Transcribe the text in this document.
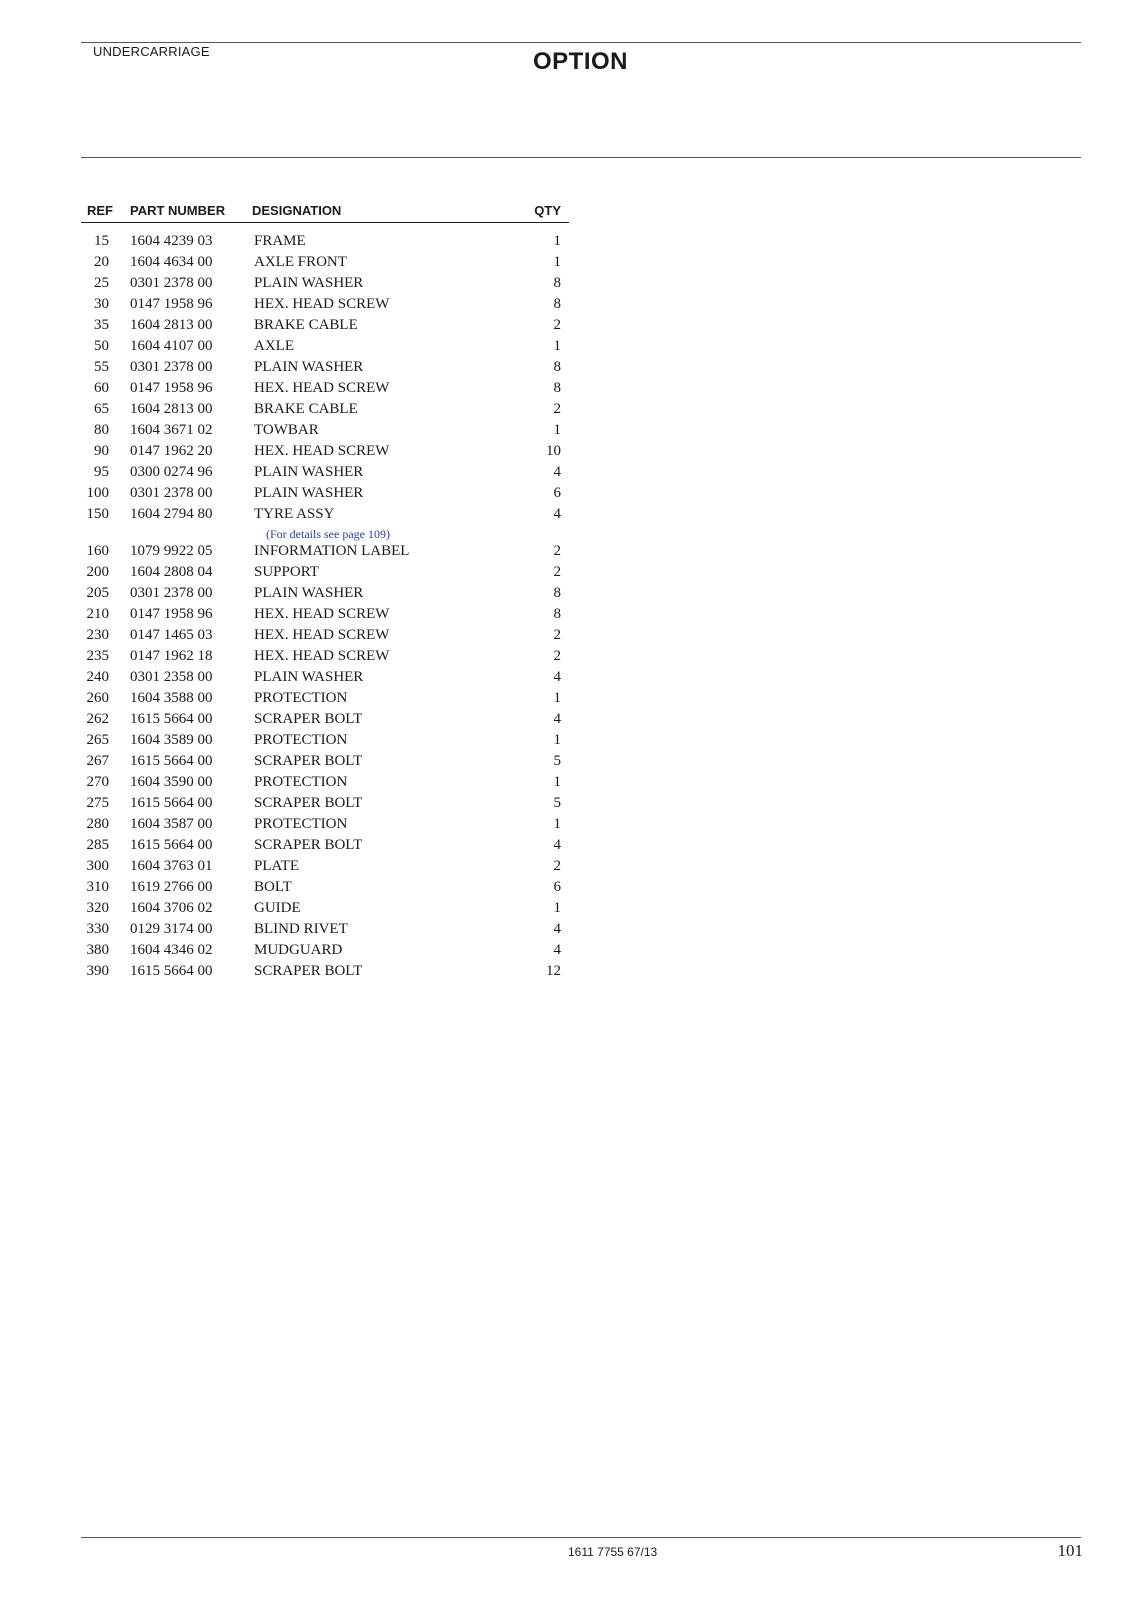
UNDERCARRIAGE	OPTION
REF PART NUMBER DESIGNATION	QTY
15 1604 4239 03	FRAME	1
20 1604 4634 00	AXLE FRONT	1
25 0301 2378 00	PLAIN WASHER	8
30 0147 1958 96	HEX. HEAD SCREW	8
35 1604 2813 00	BRAKE CABLE	2
50 1604 4107 00	AXLE	1
55 0301 2378 00	PLAIN WASHER	8
60 0147 1958 96	HEX. HEAD SCREW	8
65 1604 2813 00	BRAKE CABLE	2
80 1604 3671 02	TOWBAR	1
90 0147 1962 20	HEX. HEAD SCREW	10
95 0300 0274 96	PLAIN WASHER	4
100 0301 2378 00	PLAIN WASHER	6
150 1604 2794 80	TYRE ASSY	4
(For details see page 109)
160 1079 9922 05	INFORMATION LABEL	2
200 1604 2808 04	SUPPORT	2
205 0301 2378 00	PLAIN WASHER	8
210 0147 1958 96	HEX. HEAD SCREW	8
230 0147 1465 03	HEX. HEAD SCREW	2
235 0147 1962 18	HEX. HEAD SCREW	2
240 0301 2358 00	PLAIN WASHER	4
260 1604 3588 00	PROTECTION	1
262 1615 5664 00	SCRAPER BOLT	4
265 1604 3589 00	PROTECTION	1
267 1615 5664 00	SCRAPER BOLT	5
270 1604 3590 00	PROTECTION	1
275 1615 5664 00	SCRAPER BOLT	5
280 1604 3587 00	PROTECTION	1
285 1615 5664 00	SCRAPER BOLT	4
300 1604 3763 01	PLATE	2
310 1619 2766 00	BOLT	6
320 1604 3706 02	GUIDE	1
330 0129 3174 00	BLIND RIVET	4
380 1604 4346 02	MUDGUARD	4
390 1615 5664 00	SCRAPER BOLT	12
1611 7755 67/13	101
